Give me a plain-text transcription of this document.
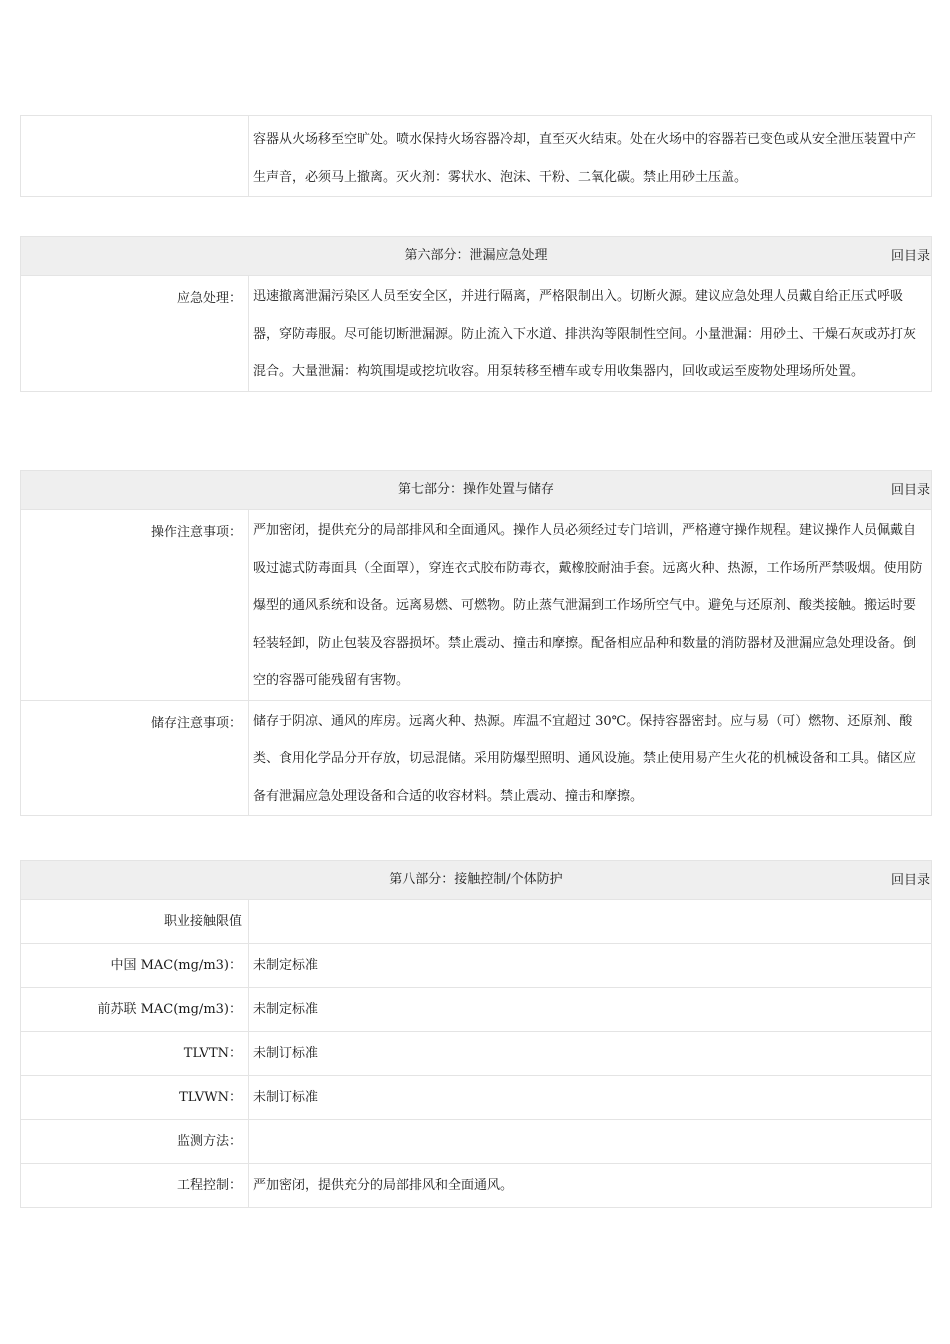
	容器从火场移至空旷处。喷水保持火场容器冷却，直至灭火结束。处在火场中的容器若已变色或从安全泄压装置中产生声音，必须马上撤离。灭火剂：雾状水、泡沫、干粉、二氧化碳。禁止用砂土压盖。
第六部分：泄漏应急处理	回目录

应急处理：	迅速撤离泄漏污染区人员至安全区，并进行隔离，严格限制出入。切断火源。建议应急处理人员戴自给正压式呼吸器，穿防毒服。尽可能切断泄漏源。防止流入下水道、排洪沟等限制性空间。小量泄漏：用砂土、干燥石灰或苏打灰混合。大量泄漏：构筑围堤或挖坑收容。用泵转移至槽车或专用收集器内，回收或运至废物处理场所处置。
第七部分：操作处置与储存 回目录	

操作注意事项：	严加密闭，提供充分的局部排风和全面通风。操作人员必须经过专门培训，严格遵守操作规程。建议操作人员佩戴自吸过滤式防毒面具（全面罩），穿连衣式胶布防毒衣，戴橡胶耐油手套。远离火种、热源，工作场所严禁吸烟。使用防爆型的通风系统和设备。远离易燃、可燃物。防止蒸气泄漏到工作场所空气中。避免与还原剂、酸类接触。搬运时要轻装轻卸，防止包装及容器损坏。禁止震动、撞击和摩擦。配备相应品种和数量的消防器材及泄漏应急处理设备。倒空的容器可能残留有害物。
储存注意事项：	储存于阴凉、通风的库房。远离火种、热源。库温不宜超过 30℃。保持容器密封。应与易（可）燃物、还原剂、酸类、食用化学品分开存放，切忌混储。采用防爆型照明、通风设施。禁止使用易产生火花的机械设备和工具。储区应备有泄漏应急处理设备和合适的收容材料。禁止震动、撞击和摩擦。
第八部分：接触控制/个体防护 回目录	

职业接触限值	
中国 MAC(mg/m3)：	未制定标准
前苏联 MAC(mg/m3)：	未制定标准
TLVTN：	未制订标准
TLVWN：	未制订标准
监测方法：	
工程控制：	严加密闭，提供充分的局部排风和全面通风。
